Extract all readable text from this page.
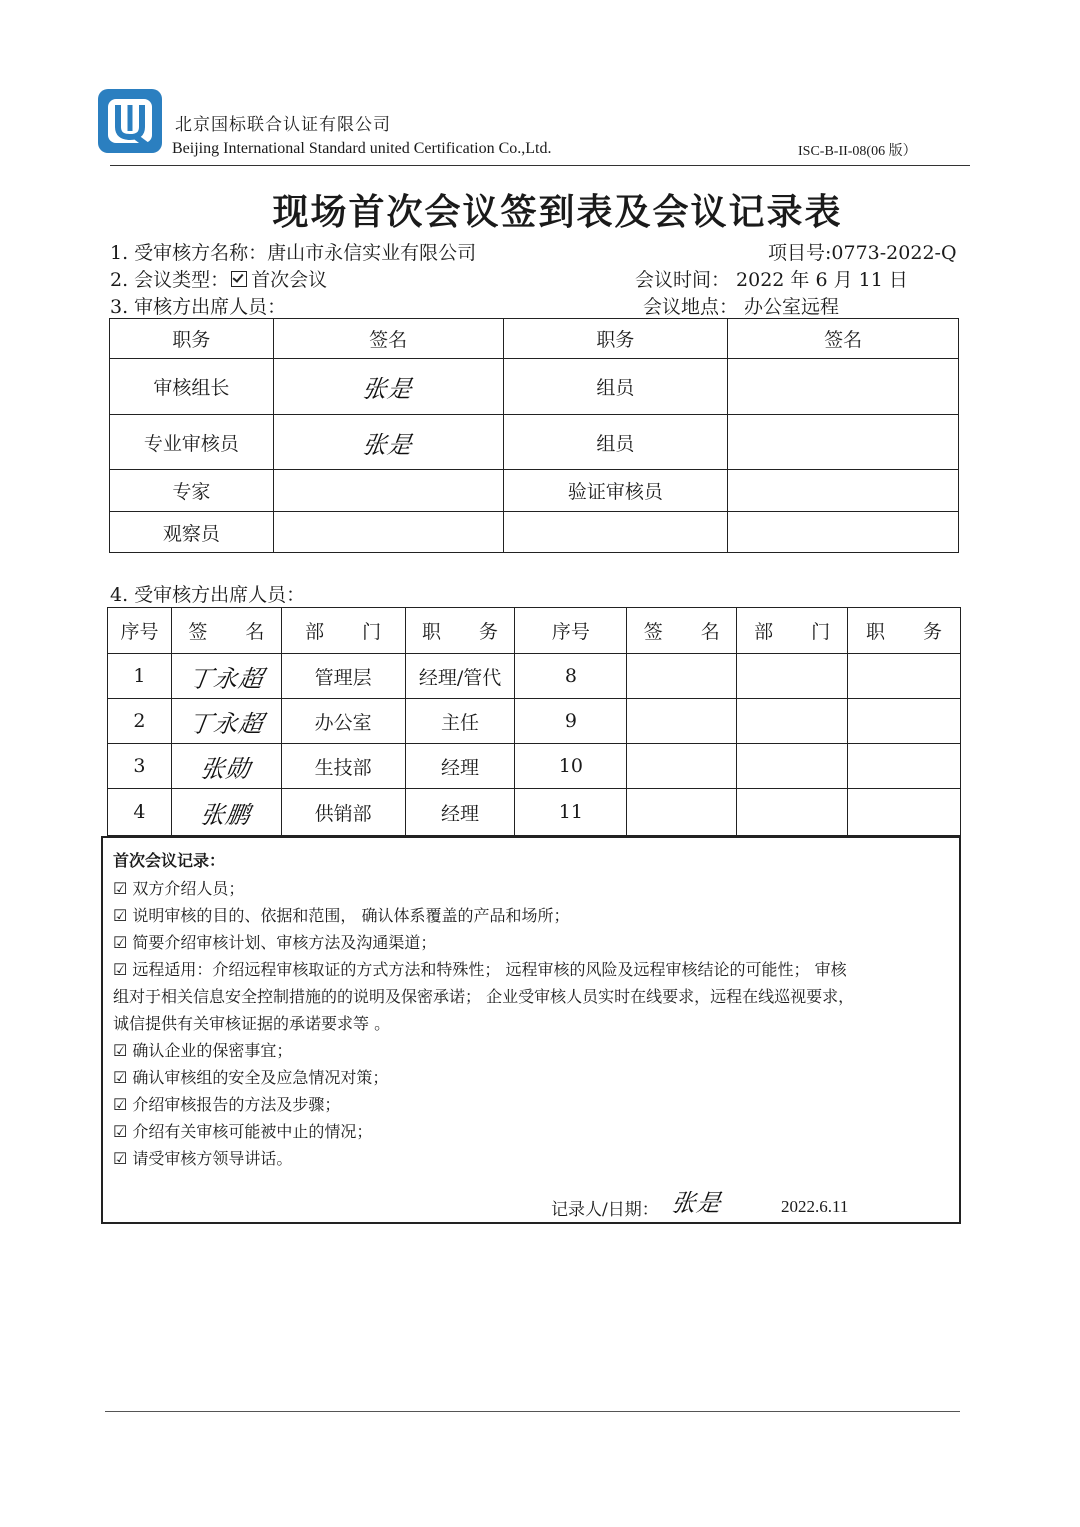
北京国标联合认证有限公司
Beijing International Standard united Certification Co.,Ltd.	ISC-B-II-08(06 版）
现场首次会议签到表及会议记录表
1. 受审核方名称：唐山市永信实业有限公司	项目号:0773-2022-Q
2. 会议类型： 首次会议	会议时间： 2022 年 6 月 11 日
3. 审核方出席人员：	会议地点： 办公室远程
职务	签名	职务	签名
审核组长	张是	组员	
专业审核员	张是	组员	
专家		验证审核员	
观察员			
4. 受审核方出席人员：
序号	签　　名	部　　门	职　　务	序号	签　　名	部　　门	职　　务
1	丁永超	管理层	经理/管代	8			
2	丁永超	办公室	主任	9			
3	张勋	生技部	经理	10			
4	张鹏	供销部	经理	11			
首次会议记录：
☑ 双方介绍人员；
☑ 说明审核的目的、依据和范围， 确认体系覆盖的产品和场所；
☑ 简要介绍审核计划、审核方法及沟通渠道；
☑ 远程适用：介绍远程审核取证的方式方法和特殊性； 远程审核的风险及远程审核结论的可能性； 审核
组对于相关信息安全控制措施的的说明及保密承诺； 企业受审核人员实时在线要求，远程在线巡视要求，
诚信提供有关审核证据的承诺要求等 。
☑ 确认企业的保密事宜；
☑ 确认审核组的安全及应急情况对策；
☑ 介绍审核报告的方法及步骤；
☑ 介绍有关审核可能被中止的情况；
☑ 请受审核方领导讲话。
记录人/日期： 张是	2022.6.11
